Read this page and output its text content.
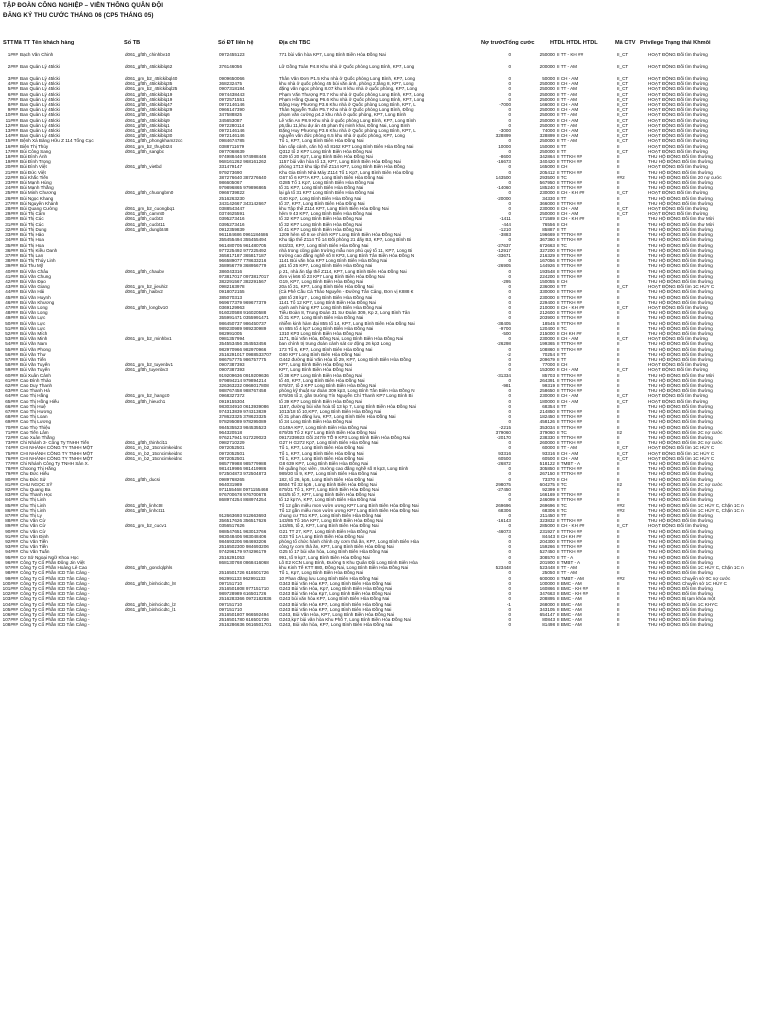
TẬP ĐOÀN CÔNG NGHIỆP – VIỄN THÔNG QUÂN ĐỘI
ĐĂNG KÝ THU CƯỚC THÁNG 06 (CP5 THÁNG 05)
STT Mã TT Tên khách hàng	Số TB	Số ĐT liên hệ	Địa chỉ TBC	Nợ trước Tổng cước	HTDL HTDL HTDL	Mã CTV Privilege Trạng thái Khmôi
1###	Bạch Văn Chinh	d061_gftth_chinhbv10	0972455123	771 bùi văn hòa KP7, Long Bình Biên Hòa Đồng Nai	0	250000	II TT - KH ##	II_CT	HOẠT ĐỘNG Đối tìm thường
2###	Ban Quản Lý 45lcki	d061_gftth_45lckiblq62	376146056	Lữ Gồng Toàn P4.8 Khu nhà ở Quốc phòng Long Bình, KP7, Long	0	200000	II TT - AM	II_CT	HOẠT ĐỘNG Đối tìm thường
3###	Ban Quản Lý 45lcki	d061_gm_b2_45lckibql40	0909650066	Thân Văn Đơn P1.5 Khu nhà ở Quốc phòng Long Bình, KP7, Long	0	50000	II CH - AM	II_CT	HOẠT ĐỘNG Đối tìm thường
4###	Ban Quản Lý 45lcki	d061_gftth_45lckiblq35	368232475	khu nhà ở quốc phòng 45 bùi văn ánh, phòng 2,tầng 8, KP7, Long	0	250000	II CH - AM	II_CT	HOẠT ĐỘNG Đối tìm thường
5###	Ban Quản Lý 45lcki	d061_gm_b2_45lckibql25	0907318184	đặng văn ngọc phòng 8.07 khu 8 khu nhà ở quốc phòng, KP7, Long	0	250000	II TT - AM	II_CT	HOẠT ĐỘNG Đối tìm thường
6###	Ban Quản Lý 45lcki	d061_gftth_45lckiblq19	0974438443	Phạm Văn Thượng P3.7 Khu nhà ở Quốc phòng Long Bình, KP7, Long	0	250000	II TT - AM	II_CT	HOẠT ĐỘNG Đối tìm thường
7###	Ban Quản Lý 45lcki	d061_gftth_45lckiblq19	0972571551	Phạm Hồng Quang P6.6 Khu nhà ở Quốc phòng Long Bình, KP7, Long	0	250000	II TT - AM	II_CT	HOẠT ĐỘNG Đối tìm thường
8###	Ban Quản Lý 45lcki	d061_gftth_45lckiblq47	0972146146	Đặng Huy Phương P3.6 Khu nhà ở Quốc phòng Long Bình, KP7, L	-7000	166000	II CH - AM	II_CT	HOẠT ĐỘNG Đối tìm thường
9###	Ban Quản Lý 45lcki	d061_gftth_45lckiblq29	0966147390	Thân Nguyễn Tuấn P5.7 Khu nhà ở Quốc phòng Long Bình, Đồng	0	250000	II CH - AM	II_CT	HOẠT ĐỘNG Đối tìm thường
10###	Ban Quản Lý 45lcki	d061_gftth_45lckiblq6	347588825	phạm văn cường p4.2 khu nhà ở quốc phòng, KP7, Long Bình	0	250000	II TT - AM	II_CT	HOẠT ĐỘNG Đối tìm thường
11###	Ban Quản Lý 45lcki	d061_gftth_45lckiblq9	345653087	Lê Văn An P8.9 Khu nhà ở quốc phòng Long Bình, KP7, Long Bình	0	250000	II CH - AM	II_CT	HOẠT ĐỘNG Đối tìm thường
12###	Ban Quản Lý 45lcki	d061_gftth_45lckiblq1	0972280114	p5,tầu 11,khu dự án 45 phan thị minh khai, Đồng Nai, Long Bình	0	250000	II TT - AM	II_CT	HOẠT ĐỘNG Đối tìm thường
13###	Ban Quản Lý 45lcki	d061_gftth_45lckiblq34	0972146146	Đặng Huy Phương P3.6 Khu nhà ở Quốc phòng Long Bình, KP7, L	-3000	74000	II CH - AM	II_CT	HOẠT ĐỘNG Đối tìm thường
14###	Ban Quản Lý 45lcki	d061_gftth_45lckiblq30	0972146146	nguyễn văn đức phòng 6.5 khu nhà ở quốc phòng, KP7, Long	328899	328899	II CH - AM	II_CT	HOẠT ĐỘNG Đối tìm thường
15###	Bệnh Xá Bảng Hữu Z 114 Tổng Cục	d061_gftth_phongkhamzzcc	0984674785	Tổ 1, KP7, Long Bình Biên Hòa Đồng Nai	0	250000	II TT - AM	II_CT	HOẠT ĐỘNG Đối tìm thường
16###	Biện Thị Thủy	d061_gm_b2_thuybt24	0388711679	bàn cấp cảnh, căn hộ số 8162 KP7 Long Bình Biên Hòa Đồng Nai	10000	150000	II TT	II	HOẠT ĐỘNG Đối tìm thường
17###	Bùi Công Sang	d061_gftth_sangbc	0977068639	Q312 tổ 2 KP7 Long Bình Biên Hòa Đồng Nai	0	250000	II TT	II_CT	HOẠT ĐỘNG Đối tìm thường
18###	Bùi Đình Ánh		974988446 974988446	G29 tổ 20 Kp7, Long Bình Biên Hòa Đồng Nai	-8600	342864	II TTTKH ##	II	THU HỘ ĐỘNG Đối tìm thường
19###	Bùi Đình Trọng		968161262 968161262	1157 bùi văn hòa tổ 13, KP7, Long Bình Biên Hòa Đồng Nai	-16673	340420	II TTTKH ##	II	THU HỘ ĐỘNG Đối tìm thường
20###	Bùi Đình Việt	d061_gftth_vietbd	331479147	phòng 1T13 khu tập thể Z114 KP7, Long Bình Biên Hòa Đồng	0	165000	II CH	II	HOẠT ĐỘNG Đối tìm thường
21###	Bùi Đức Việt		979273690	Khu Gia Đình Nhà Máy Z114 Tổ 1 Kp7, Long Bình Biên Hòa Đồng	0	205412	II TTTKH ##	II	THU HỘ ĐỘNG Đối tìm thường
22###	Bùi Khắc Tiến		387276640 387276640	G67 tổ 6 KP7A KP7, Long Bình Biên Hòa Đồng Nai	143500	293500	II TC	##2	THU HỘ ĐỘNG Đối tìm 20 nợ cước
23###	Bùi Mạnh Hùng		986605067	G285 Tổ 1 Kp7, Long Bình Biên Hòa Đồng Nai	0	567950	II TTTKH ##	II	THU HỘ ĐỘNG Đối tìm thường
24###	Bùi Mạnh Thắng		979896865 979896865	tổ 31 KP7, Long Bình Biên Hòa Đồng Nai	-14060	185240	II TTTKH ##	II	THU HỘ ĐỘNG Đối tìm thường
25###	Bùi Minh Chương	d061_gftth_chuongbm0	0966739822	lại gà tổ 31 KP7 Long Bình Biên Hòa Đồng Nai	0	230000	II CH - KH ##	II_CT	HOẠT ĐỘNG Đối tìm thường
26###	Bùi Ngọc Khang		2516263230	G40 Kp7, Long Bình Biên Hòa Đồng Nai	-20000	34330	II TT	II	THU HỘ ĐỘNG Đối tìm thường
27###	Bùi Nguyên Khánh		343142667 343142667	tổ 37, KP7, Long Bình Biên Hòa Đồng Nai	0	366000	II TTTKH ##	II	THU HỘ ĐỘNG Đối tìm thường
28###	Bùi Quang Cường	d061_gm_b2_cuongbq1	0388543447	khu Tập thể Z114 KP7, Long Bình Biên Hòa Đồng Nai	0	230000	II CH - AM	II_CT	HOẠT ĐỘNG Đối tìm thường
29###	Bùi Thị Cẩm	d061_gftth_camnt0	0374625591	hẻm 9 43 KP7, Long Bình Biên Hòa Đồng Nai	0	250000	II CH - AM	II_CT	HOẠT ĐỘNG Đối tìm thường
30###	Bùi Thị Cúc	d061_gftth_cucbt3	0395273416	tổ 32 KP7 Long Bình Biên Hòa Đồng Nai	-1411	171589	II CH - KH ##	II	THU HỘ ĐỘNG Đối tìm thư Mời
31###	Bùi Thị Cúc	d061_gftth_cucbt11	0395273416	tổ 32 KP7 Long Bình Biên Hòa Đồng Nai	-444	76556	II CH	II	THU HỘ ĐỘNG Đối tìm thư Mời
32###	Bùi Thị Dung	d061_gftth_dungbt48	0912359839	tổ 41 KP7 Long Bình Biên Hòa Đồng Nai	-1210	85887	II TT	II	THU HỘ ĐỘNG Đối tìm thường
33###	Bùi Thị Hảo		961184686 0961184686	1209 hẻm số 8 xe chính KP7 Long Bình Biên Hòa Đồng Nai	-3883	196669	II TTTKH ##	II	THU HỘ ĐỘNG Đối tìm thường
34###	Bùi Thị Hoa		355455494 355455494	Khu tập thể Z114 Tổ 14 Đối phòng 21 dãy B3, KP7, Long Bình Bi	0	367360	II TTTKH ##	II	THU HỘ ĐỘNG Đối tìm thường
35###	Bùi Thị Hoa		961480705 961480705	843/33, KP7, Long Bình Biên Hòa Đồng Nai	-27637	672663	II TC	II	THU HỘ ĐỘNG Đối tìm thường
36###	Bùi Thị Kiều Oanh		977225492 977225492	nhà trong cũng giản trường mẫu non phú quý tổ 11, KP7, Long Bi	-12917	327200	II TTTKH ##	II	THU HỘ ĐỘNG Đối tìm thường
37###	Bùi Thị Lan		365817187 365817187	trường cao đẳng nghề số 8 KP3, Long Bình Tân Biên Hòa Đồng N	-33671	216329	II TTTKH ##	II	THU HỘ ĐỘNG Đối tìm thường
38###	Bùi Thị Thúy Linh		966589077 778633216	1141 Bùi văn hòa KP7 Long Bình Biên Hòa Đồng Nai	0	167056	II TTTKH ##	II	THU HỘ ĐỘNG Đối tìm thường
39###	Bùi Thu Mỹ		368956779 368956779	g61 tổ 25 KP7, Long Bình Biên Hòa Đồng Nai	-26905	144926	II TTTKH ##	II	THU HỘ ĐỘNG Đối tìm thường
40###	Bùi Văn Châu	d061_gftth_chaubv	386043316	p 21, nhà ăn tập thể Z114, KP7, Long Bình Biên Hòa Đồng Nai	0	193548	II TTTKH ##	II	THU HỘ ĐỘNG Đối tìm thường
41###	Bùi Văn Chung		973817017 0973817017	đơn vị k66 tổ 23 KP7 Long Bình Biên Hòa Đồng Nai	0	224200	II TTTKH ##	II	THU HỘ ĐỘNG Đối tìm thường
42###	Bùi Văn Đạo		382291567 382291567	G19, KP7, Long Bình Biên Hòa Đồng Nai	-295	150055	II CH	II	THU HỘ ĐỘNG Đối tìm thường
43###	Bùi Văn Giang	d061_gm_b2_jieuhi2	0982163978	20a tổ 31, KP7, Long Bình Biên Hòa Đồng Nai	0	236000	II TT	II_CT	HOẠT ĐỘNG Đối tìm 1C HỦY C
44###	Bùi Văn Hải	d061_gftth_haibv2	0918072155	(Cà Phê Cầu Cá Thảo Nguyên - Đường Tân Cảng, Đơn vị K888 €	0	330000	II TTTKH ##	II	THU HỘ ĐỘNG Đối tìm thường
45###	Bùi Văn Huynh		385070313	g58 tổ 28 kp7 , Long Bình Biên Hòa Đồng Nai	0	230000	II TTTKH ##	II	THU HỘ ĐỘNG Đối tìm thường
46###	Bùi Văn Khương		969677379 969677379	1141 Tổ 12 KP7, Long Bình Biên Hòa Đồng Nai	0	229400	II TTTKH ##	II	THU HỘ ĐỘNG Đối tìm thường
47###	Bùi Văn Long	d061_gftth_longbv10	0369129963	cạnh anh hùng KP7 Long Bình Biên Hòa Đồng Nai	0	210000	II CH - KH ##	II_CT	HOẠT ĐỘNG Đối tìm thường
48###	Bùi Văn Long		916020588 916020588	Tiểu Đoàn 8, Trung Đoàn 31 Sư Đoàn 309, Kp 2, Long Bình Tân	0	212600	II TTTKH ##	II	THU HỘ ĐỘNG Đối tìm thường
49###	Bùi Văn Lực		355991471 0355991471	tổ 31 KP7, Long Bình Biên Hòa Đồng Nai	0	203900	II TTTKH ##	II	THU HỘ ĐỘNG Đối tìm thường
50###	Bùi Văn Lực		986450737 986450737	nhiễm kinh hàm đại 855 tổ 14, KP7, Long Bình Biên Hòa Đồng Nai	-38405	18545	II TTTKH ##	II	THU HỘ ĐỘNG Đối tìm thường
51###	Bùi Văn Lực		989230989 989230989	sn 855 tổ 4 kp7 Long Bình Biên Hòa Đồng Nai	-9700	120400	II TC	II	THU HỘ ĐỘNG Đối tìm thường
52###	Bùi Văn Mích		982991005	1310 KP3 Long Bình Biên Hòa Đồng Nai	-500	215000	II CH KH ##	II	THU HỘ ĐỘNG Đối tìm thường
53###	Bùi Văn Minh	d061_gm_b2_minhbv1	0981357994	1171, Bùi Văn Hòa, Đồng Nai, Long Bình Biên Hòa Đồng Nai	0	230000	II CH - AM	II_CT	HOẠT ĐỘNG Đối tìm thường
54###	Bùi Văn Nam		354553456 354553456	ban chính trị trung đoàn cảnh sát cơ động 26 kp3 Long	-26298	199365	II TTTKH ##	II	THU HỘ ĐỘNG Đối tìm thường
55###	Bùi Văn Phong		982970966 982970966	173 Tổ 6, KP7, Long Bình Biên Hòa Đồng Nai	0	108860	II TTTKH ##	II	THU HỘ ĐỘNG Đối tìm thường
56###	Bùi Văn Thư		2516291017 0988533707	G60 KP7 Long Bình Biên Hòa Đồng Nai	-2	70254	II TT	II	THU HỘ ĐỘNG Đối tìm thường
57###	Bùi Văn Tiến		986757775 986757775	G442 đường Bùi Văn Hòa tổ 29, KP7, Long Bình Biên Hòa Đồng	0	209679	II TT	II	THU HỘ ĐỘNG Đối tìm thường
58###	Bùi Văn Tuyến	d061_gm_b2_tuyenbv1	0907387393	KP7, Long Bình Biên Hòa Đồng Nai	0	77000	II CH	II	HOẠT ĐỘNG Đối tìm thường
59###	Bùi Văn Tuyến	d061_gftth_tuyenbv3	0907387393	KP7, Long Bình Biên Hòa Đồng Nai	0	153000	II CH - AM	II_CT	HOẠT ĐỘNG Đối tìm thường
60###	Bùi Xuân Cảnh		919209636 0919209636	tổ 38 KP7 Long Bình Biên Hòa Đồng Nai	-31334	85703	II TTTKH ##	II	THU HỘ ĐỘNG Đối tìm thư Mời
61###	Cao Đình Thảo		979894214 979894214	tổ 40, KP7, Long Bình Biên Hòa Đồng Nai	0	264391	II TTTKH ##	II	THU HỘ ĐỘNG Đối tìm thường
62###	Cao Duy Thanh		326363232 0968017808	679/37, tổ 2 KP7 Long Bình Biên Hòa Đồng Nai	-981	99319	II TTTKH ##	II	THU HỘ ĐỘNG Đối tìm thường
63###	Cao Thanh Hà		988767458 988767458	phòng kỹ thuật sư đoàn 309 kp3, Long Bình Tân Biên Hòa Đồng N	0	258650	II TTTKH ##	II	THU HỘ ĐỘNG Đối tìm thường
64###	Cao Thị Hằng	d061_gm_b2_hangc0	0968327372	679/36 tổ 2, gần trường Tín Nguyễn Chí Thanh KP7 Long Bình Bi	0	230000	II CH - AM	II_CT	HOẠT ĐỘNG Đối tìm thường
65###	Cao Thị Hồng Hiếu	d061_gftth_hieuch1	0919155304	tổ 39 KP7 Long Bình Biên Hòa Đồng Nai	0	180000	II CH - AM	II_CT	HOẠT ĐỘNG Đối tìm thường
66###	Cao Thị Huệ		983034910 0613939086	1167, đường bùi văn hoà tổ 13 kp 7, Long Bình Biên Hòa Đồng Nai	0	68354	II TT	II	THU HỘ ĐỘNG Đối tìm thường
67###	Cao Thị Hương		974313839 974313839	1013/18 tổ 10,KP7, Long Bình Biên Hòa Đồng Nai	0	214850	II TTTKH ##	II	THU HỘ ĐỘNG Đối tìm thường
68###	Cao Thị Loan		378623325 378623325	tổ 31 phan đăng lưu, KP7, Long Bình Biên Hòa Đồng Nai	0	182450	II TTTKH ##	II	THU HỘ ĐỘNG Đối tìm thường
69###	Cao Thị Lương		978295089 978295089	tổ 34 Long Bình Biên Hòa Đồng Nai	0	458126	II TTTKH ##	II	THU HỘ ĐỘNG Đối tìm thường
70###	Cao Thọ Thiệu		984535523 984535523	G149A KP7, Long Bình Biên Hòa Đồng Nai	-2215	353034	II TTTKH ##	II	THU HỘ ĐỘNG Đối tìm thường
71###	Cao Tiến Lâm		964320518	679/35 Tổ 2 Kp7 Long Bình Biên Hòa Đồng Nai	379060	379060	II TC	II2	THU HỘ ĐỘNG Đối tìm 2C nợ cước
72###	Cao Xuân Thắng		976217941 917229023	0917239923 Gồi 247/9 TỔ 9 KP3 Long Bình Biên Hòa Đồng Nai	-20170	238330	II TTTKH ##	II	THU HỘ ĐỘNG Đối tìm thường
73###	Chi Nhánh 3- Công Ty TNHH Tiến	d061_gftth_thinhcl11	0982710229	G27 H G272 Kp7, Long Bình Biên Hòa Đồng Nai	0	260000	II TTTKH ##	II	THU HỘ ĐỘNG Đối tìm 2C nợ cước
74###	CHI NHÁNH CÔNG TY TNHH MỘT	d061_m_b2_15cncimkeidnc	0972052501	Tổ 1, KP7, Long Bình Biên Hòa Đồng Nai	0	60000	II TT - AM	II_CT	HOẠT ĐỘNG Đối tìm 1C HỦY C
75###	CHI NHÁNH CÔNG TY TNHH MỘT	d061_m_b2_15cncimkeidnc	0972052501	Tổ 1, KP7, Long Bình Biên Hòa Đồng Nai	93316	93316	II CH - AM	II_CT	HOẠT ĐỘNG Đối tìm 1C HỦY C
76###	CHI NHÁNH CÔNG TY TNHH MỘT	d061_m_b2_15cncimkeidnc	0972052501	Tổ 1, KP7, Long Bình Biên Hòa Đồng Nai	60500	60500	II CH - AM	II_CT	HOẠT ĐỘNG Đối tìm 1C HỦY C
77###	Chi Nhánh Công Ty TNHH Sản X.		985779988 985779988	G8 639 KP7, Long Bình Biên Hòa Đồng Nai	-26872	518122	II TMBT - A	II	THU HỘ ĐỘNG Đối tìm thường
78###	Choong Thị Hằng		981419986 981419986	hẻ quầng học viên , trường cao đẳng nghề số 8 kp3, Long Bình	0	305850	II TTTKH ##	II	THU HỘ ĐỘNG Đối tìm thường
79###	Chu Đức Hiếu		972504873 972504873	989/20 tổ 9, KP7, Long Bình Biên Hòa Đồng Nai	0	267150	II TTTKH ##	II	THU HỘ ĐỘNG Đối tìm thường
80###	Chu Đức Sử	d061_gftth_ducsi	0989768265	182, tổ 26, kp5, Long Bình Biên Hòa Đồng Nai	0	73370	II CH	II	THU HỘ ĐỘNG Đối tìm thường
81###	CHU NGỌC SỸ		964031989	B604 Tổ 32 kp5 , Long Bình Biên Hòa Đồng Nai	298075	604275	II TC	II2	THU HỘ ĐỘNG Đối tìm 2C nợ cước
82###	Chu Quang Ba		971155468 0971155468	679/21 Tổ 1, KP7, Long Bình Biên Hòa Đồng Nai	-27450	92399	II TT	II	THU HỘ ĐỘNG Đối tìm thường
83###	Chu Thanh Học		976700678 976700678	843/5 tổ 7, KP7, Long Bình Biên Hòa Đồng Nai	0	166169	II TTTKH ##	II	THU HỘ ĐỘNG Đối tìm thường
84###	Chu Thị Linh		868974254 868974254	tổ 12 kp7A, KP7, Long Bình Biên Hòa Đồng Nai	0	246099	II TTTKH ##	II	THU HỘ ĐỘNG Đối tìm thường
85###	Chu Thị Linh	d061_gftth_linhct8		Tổ 12 gần miếu mon vườn ương KP7 Long Bình Biên Hòa Đồng Nai	269696	269696	II TC	##2	THU HỘ ĐỘNG Đối tìm 1C HỦY C, Chặn 1C n
86###	Chu Thị Linh	d061_gftth_linhct11		Tổ 12 gần miếu mon vườn ương KP7 Long Bình Biên Hòa Đồng Nai	68306	68306	II TC	##2	THU HỘ ĐỘNG Đối tìm 1C HỦY C, Chặn 1C n
87###	Chu Thị Ly		912663693 912663693	chung cư T51 KP7, Long Bình Biên Hòa Đồng Nai	0	211450	II TT	II	THU HỘ ĐỘNG Đối tìm thường
88###	Chu Văn Cừ		356517626 356517626	143/85 Tổ 16A KP7, Long Bình Biên Hòa Đồng Nai	-16143	323832	II TTTKH ##	II	THU HỘ ĐỘNG Đối tìm thường
89###	Chu Văn Cừ	d061_gm_b2_cucv1	0356517626	143/85, tổ 2, KP7, Long Bình Biên Hòa Đồng Nai	0	285000	II CH - KH ##	II_CT	HOẠT ĐỘNG Đối tìm thường
90###	Chu Văn Cừ		988547651 963013766	G21 TT 27, KP7, Long Bình Biên Hòa Đồng Nai	-46073	231927	II TTTKH ##	II	THU HỘ ĐỘNG Đối tìm thường
91###	Chu Văn Định		983048406 983048406	G33 Tổ 1A Long Bình Biên Hòa Đồng Nai	0	84443	II CH KH ##	II	THU HỘ ĐỘNG Đối tìm thường
92###	Chu Văn Tiến		984693206 984693206	phòng tổ chức hành chính cty cơm thả ăn, KP7, Long Bình Biên Hòa	0	204300	II TTTKH ##	II	THU HỘ ĐỘNG Đối tìm thường
93###	Chu Văn Tiến		2516502300 984693206	công ty cơm thả ăn, KP7, Long Bình Biên Hòa Đồng Nai	0	159266	II TTTKH ##	II	THU HỘ ĐỘNG Đối tìm thường
94###	Chu Văn Tuấn		974296179 974296179	G25 tổ 17 bùi văn hòa, Long Bình Biên Hòa Đồng Nai	0	527450	II TTTKH ##	II	THU HỘ ĐỘNG Đối tìm thường
95###	Cơ Sở Ngoại Ngữ Khoa Học		2516291053	991, tổ 9 kp7, Long Bình Biên Hòa Đồng Nai	0	308570	II TT - A	II	THU HỘ ĐỘNG Đối tìm thường
96###	Công Ty Cổ Phần Đông Jin Việt		868130768 0868416068	Lô E2 KCN Long Bình, Đường 5 Khu Quân Đội Long Bình Biên Hòa	0	201900	II TMBT - A	II	THU HỘ ĐỘNG Đối tìm thường
97###	Công Ty Cổ Phần Hoàng Lê Cao	d061_gftth_gonclqlphls		khu Kinh Tế KTT 880, Đồng Nai, Long Bình Biên Hòa Đồng Nai	523448	523448	II TT - AM	II	THU HỘ ĐỘNG Đối tìm 1C HỦY C, Chặn 1C n
98###	Công Ty Cổ Phần ICD Tân Cảng -		2516501726 616501726	Tổ 1, Kp7, Long Bình Biên Hòa Đồng Nai	0	25050	II TT - AM	II	THU HỘ ĐỘNG Đối tìm thường
99###	Công Ty Cổ Phần ICD Tân Cảng -		962991133 962991133	10 Phan đăng lưu Long Bình Biên Hòa Đồng Nai	0	600000	II TMBT - AM	##2	THU HỘ ĐỘNG Chuyển sở 0C nợ cước
100###	Công Ty Cổ Phần ICD Tân Cảng -	d061_gftth_binhcicdtc_l8	097151710	G343 Bùi Văn Hòa KP7, Long Bình Biên Hòa Đồng Nai	0	100000	II BMC - AM	II	THU HỘ ĐỘNG Chuyển sở 1C HỦY C
101###	Công Ty Cổ Phần ICD Tân Cảng -		2516501808 977151710	G243 Bùi Văn Hòa, Kp7, Long Bình Biên Hòa Đồng Nai	0	160866	II BMC - KH ##	II	THU HỘ ĐỘNG Đối tìm thường
102###	Công Ty Cổ Phần ICD Tân Cảng -		989728989 616501726	G243 Bùi Văn Hòa Kp7, Long Bình Biên Hòa Đồng Nai	0	347663	II BMC - KH ##	II	THU HỘ ĐỘNG Đối tìm thường
103###	Công Ty Cổ Phần ICD Tân Cảng -		2516283366 0972182836	G243 bùi văn hòa KP7, Long Bình Biên Hòa Đồng Nai	0	208895	II BMC - AM	II	THU HỘ ĐỘNG Bị tạm khóa một
104###	Công Ty Cổ Phần ICD Tân Cảng -	d061_gftth_binhcicdtc_l2	097151710	G243 Bùi Văn Hòa KP7, Long Bình Biên Hòa Đồng Nai	-1	268000	II BMC - AM	II	THU HỘ ĐỘNG Đối tìm 1C KHYC
105###	Công Ty Cổ Phần ICD Tân Cảng -	d061_gftth_binhcicdtc_l1	097151710	G243 Bùi Văn Hòa KP7, Long Bình Biên Hòa Đồng Nai	0	343105	II BMC - AM	II	THU HỘ ĐỘNG Đối tìm thường
106###	Công Ty Cổ Phần ICD Tân Cảng -		2516501807 966592494	G243, Bùi Văn Hòa, KP7, Long Bình Biên Hòa Đồng Nai	0	654147	II BMC - AM	II	THU HỘ ĐỘNG Đối tìm thường
107###	Công Ty Cổ Phần ICD Tân Cảng -		2516501780 616501726	G243,kp7 bùi văn hòa Khu Phố 7, Long Bình Biên Hòa Đồng Nai	0	80843	II BMC - AM	II	THU HỘ ĐỘNG Đối tìm thường
108###	Công Ty Cổ Phần ICD Tân Cảng -		2516286636 0616501701	G243, Bùi văn hòa, KP7, Long Bình Biên Hòa Đồng Nai	0	81498	II BMC - AM	II	THU HỘ ĐỘNG Đối tìm thường
